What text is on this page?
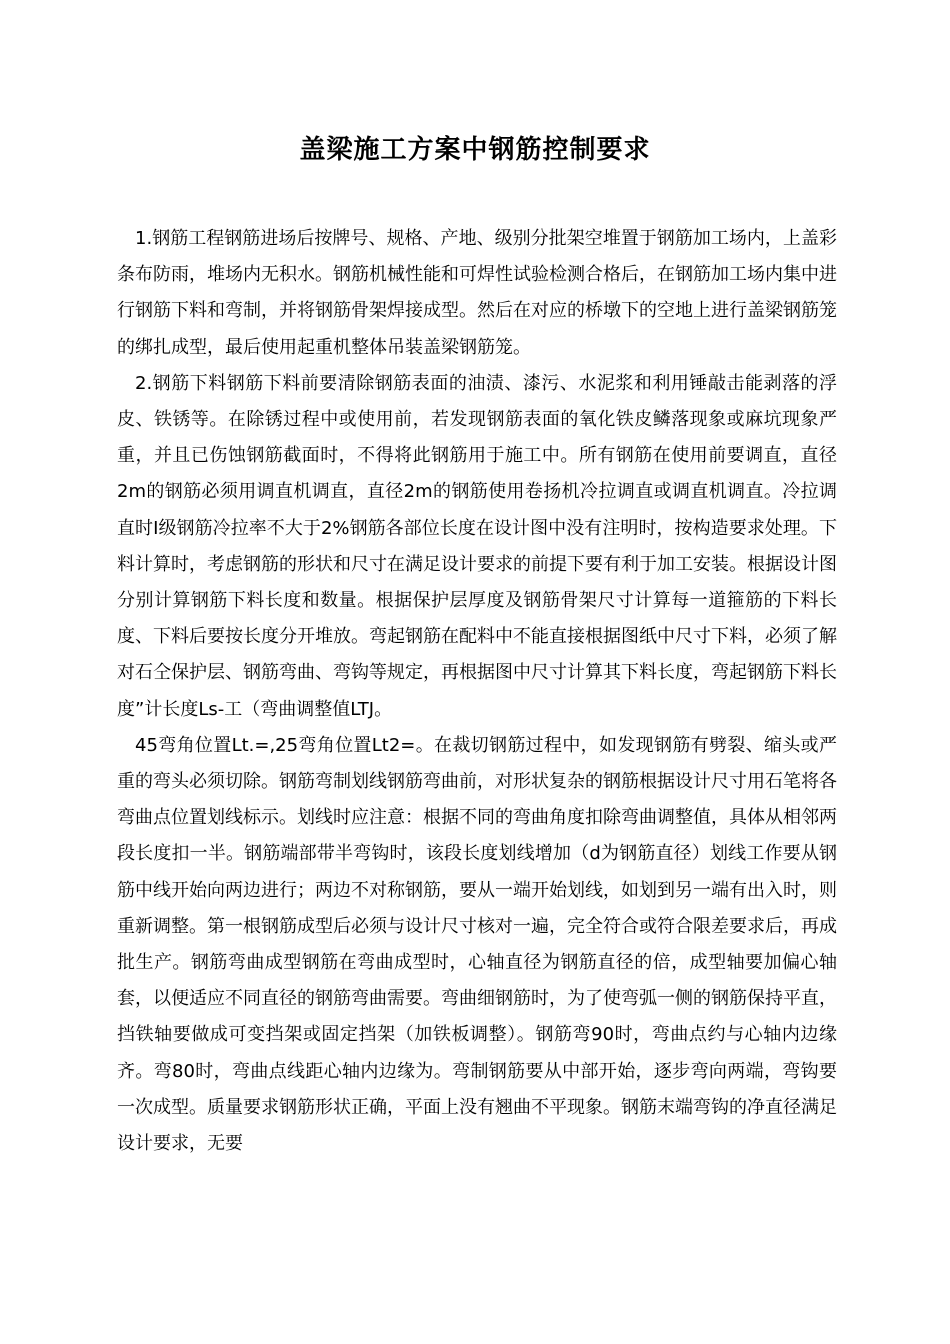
盖梁施工方案中钢筋控制要求

1.钢筋工程钢筋进场后按牌号、规格、产地、级别分批架空堆置于钢筋加工场内，上盖彩条布防雨，堆场内无积水。钢筋机械性能和可焊性试验检测合格后，在钢筋加工场内集中进行钢筋下料和弯制，并将钢筋骨架焊接成型。然后在对应的桥墩下的空地上进行盖梁钢筋笼的绑扎成型，最后使用起重机整体吊装盖梁钢筋笼。

2.钢筋下料钢筋下料前要清除钢筋表面的油渍、漆污、水泥浆和利用锤敲击能剥落的浮皮、铁锈等。在除锈过程中或使用前，若发现钢筋表面的氧化铁皮鳞落现象或麻坑现象严重，并且已伤蚀钢筋截面时，不得将此钢筋用于施工中。所有钢筋在使用前要调直，直径2m的钢筋必须用调直机调直，直径2m的钢筋使用卷扬机冷拉调直或调直机调直。冷拉调直时Ⅰ级钢筋冷拉率不大于2%钢筋各部位长度在设计图中没有注明时，按构造要求处理。下料计算时，考虑钢筋的形状和尺寸在满足设计要求的前提下要有利于加工安装。根据设计图分别计算钢筋下料长度和数量。根据保护层厚度及钢筋骨架尺寸计算每一道箍筋的下料长度、下料后要按长度分开堆放。弯起钢筋在配料中不能直接根据图纸中尺寸下料，必须了解对石仝保护层、钢筋弯曲、弯钩等规定，再根据图中尺寸计算其下料长度，弯起钢筋下料长度”计长度Ls-工（弯曲调整值LTJ。

45弯角位置Lt.=,25弯角位置Lt2=。在裁切钢筋过程中，如发现钢筋有劈裂、缩头或严重的弯头必须切除。钢筋弯制划线钢筋弯曲前，对形状复杂的钢筋根据设计尺寸用石笔将各弯曲点位置划线标示。划线时应注意：根据不同的弯曲角度扣除弯曲调整值，具体从相邻两段长度扣一半。钢筋端部带半弯钩时，该段长度划线增加（d为钢筋直径）划线工作要从钢筋中线开始向两边进行；两边不对称钢筋，要从一端开始划线，如划到另一端有出入时，则重新调整。第一根钢筋成型后必须与设计尺寸核对一遍，完全符合或符合限差要求后，再成批生产。钢筋弯曲成型钢筋在弯曲成型时，心轴直径为钢筋直径的倍，成型轴要加偏心轴套，以便适应不同直径的钢筋弯曲需要。弯曲细钢筋时，为了使弯弧一侧的钢筋保持平直，挡铁轴要做成可变挡架或固定挡架（加铁板调整）。钢筋弯90时，弯曲点约与心轴内边缘齐。弯80时，弯曲点线距心轴内边缘为。弯制钢筋要从中部开始，逐步弯向两端，弯钩要一次成型。质量要求钢筋形状正确，平面上没有翘曲不平现象。钢筋末端弯钩的净直径满足设计要求，无要
